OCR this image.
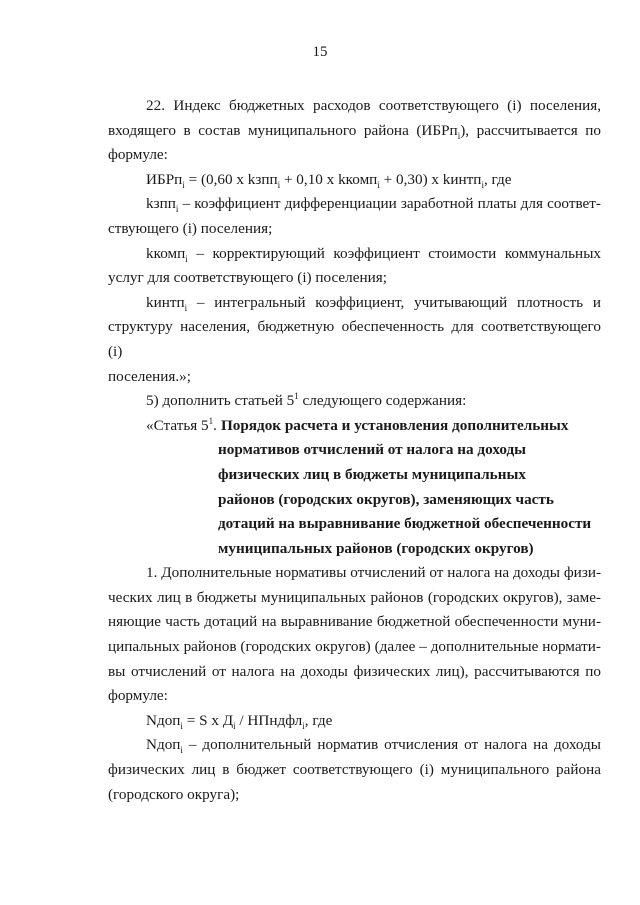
15

22. Индекс бюджетных расходов соответствующего (i) поселения,

входящего в состав муниципального района (ИБРп$_i$), рассчитывается по

формуле:

ИБРп$_i$ = (0,60 x kзпп$_i$ + 0,10 x kкомп$_i$ + 0,30) x kинтп$_i$, где

kзпп$_i$ – коэффициент дифференциации заработной платы для соответ-

ствующего (i) поселения;

kкомп$_i$ – корректирующий коэффициент стоимости коммунальных

услуг для соответствующего (i) поселения;

kинтп$_i$ – интегральный коэффициент, учитывающий плотность и

структуру населения, бюджетную обеспеченность для соответствующего (i)

поселения.»;

5) дополнить статьей $5^1$ следующего содержания:

«Статья $5^1$. Порядок расчета и установления дополнительных
нормативов отчислений от налога на доходы
физических лиц в бюджеты муниципальных
районов (городских округов), заменяющих часть
дотаций на выравнивание бюджетной обеспеченности
муниципальных районов (городских округов)

1. Дополнительные нормативы отчислений от налога на доходы физи-

ческих лиц в бюджеты муниципальных районов (городских округов), заме-

няющие часть дотаций на выравнивание бюджетной обеспеченности муни-

ципальных районов (городских округов) (далее – дополнительные нормати-

вы отчислений от налога на доходы физических лиц), рассчитываются по

формуле:

Nдоп$_i$ = S x $Д_i$ / НПндфл$_i$, где

Nдоп$_i$ – дополнительный норматив отчисления от налога на доходы

физических лиц в бюджет соответствующего (i) муниципального района

(городского округа);
